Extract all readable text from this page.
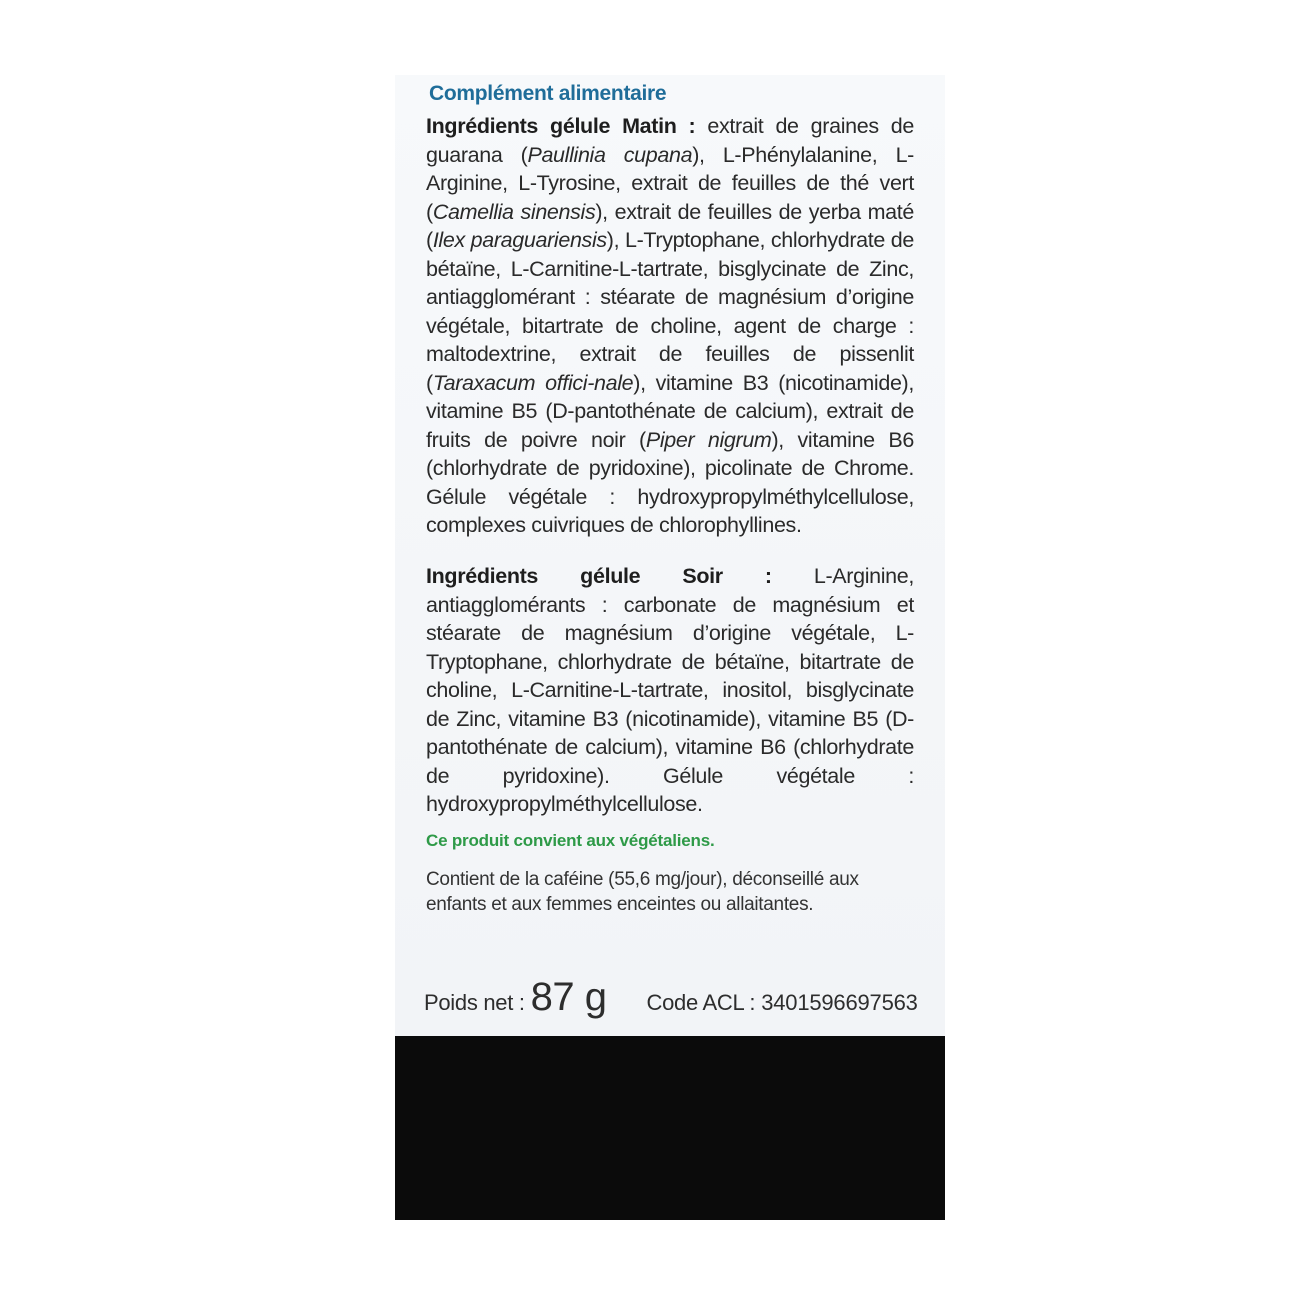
Complément alimentaire

Ingrédients gélule Matin : extrait de graines de guarana (Paullinia cupana), L-Phénylalanine, L-Arginine, L-Tyrosine, extrait de feuilles de thé vert (Camellia sinensis), extrait de feuilles de yerba maté (Ilex paraguariensis), L-Tryptophane, chlorhydrate de bétaïne, L-Carnitine-L-tartrate, bisglycinate de Zinc, antiagglomérant : stéarate de magnésium d’origine végétale, bitartrate de choline, agent de charge : maltodextrine, extrait de feuilles de pissenlit (Taraxacum offici-nale), vitamine B3 (nicotinamide), vitamine B5 (D-pantothénate de calcium), extrait de fruits de poivre noir (Piper nigrum), vitamine B6 (chlorhydrate de pyridoxine), picolinate de Chrome. Gélule végétale : hydroxypropylméthylcellulose, complexes cuivriques de chlorophyllines.

Ingrédients gélule Soir : L-Arginine, antiagglomérants : carbonate de magnésium et stéarate de magnésium d’origine végétale, L-Tryptophane, chlorhydrate de bétaïne, bitartrate de choline, L-Carnitine-L-tartrate, inositol, bisglycinate de Zinc, vitamine B3 (nicotinamide), vitamine B5 (D-pantothénate de calcium), vitamine B6 (chlorhydrate de pyridoxine). Gélule végétale : hydroxypropylméthylcellulose.

Ce produit convient aux végétaliens.

Contient de la caféine (55,6 mg/jour), déconseillé aux enfants et aux femmes enceintes ou allaitantes.

Poids net : 87 g Code ACL : 3401596697563
